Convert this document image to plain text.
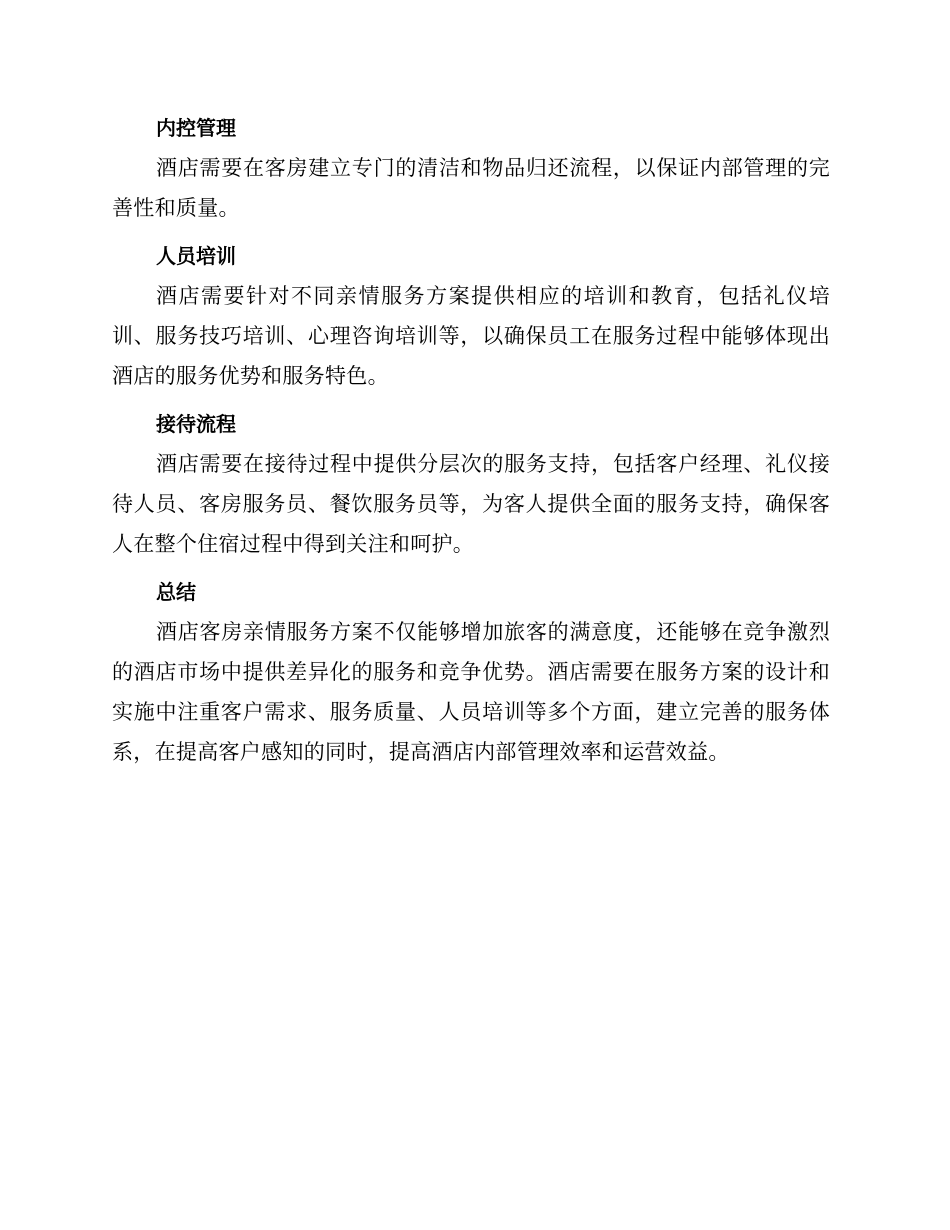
内控管理

酒店需要在客房建立专门的清洁和物品归还流程，以保证内部管理的完善性和质量。

人员培训

酒店需要针对不同亲情服务方案提供相应的培训和教育，包括礼仪培训、服务技巧培训、心理咨询培训等，以确保员工在服务过程中能够体现出酒店的服务优势和服务特色。

接待流程

酒店需要在接待过程中提供分层次的服务支持，包括客户经理、礼仪接待人员、客房服务员、餐饮服务员等，为客人提供全面的服务支持，确保客人在整个住宿过程中得到关注和呵护。

总结

酒店客房亲情服务方案不仅能够增加旅客的满意度，还能够在竞争激烈的酒店市场中提供差异化的服务和竞争优势。酒店需要在服务方案的设计和实施中注重客户需求、服务质量、人员培训等多个方面，建立完善的服务体系，在提高客户感知的同时，提高酒店内部管理效率和运营效益。
